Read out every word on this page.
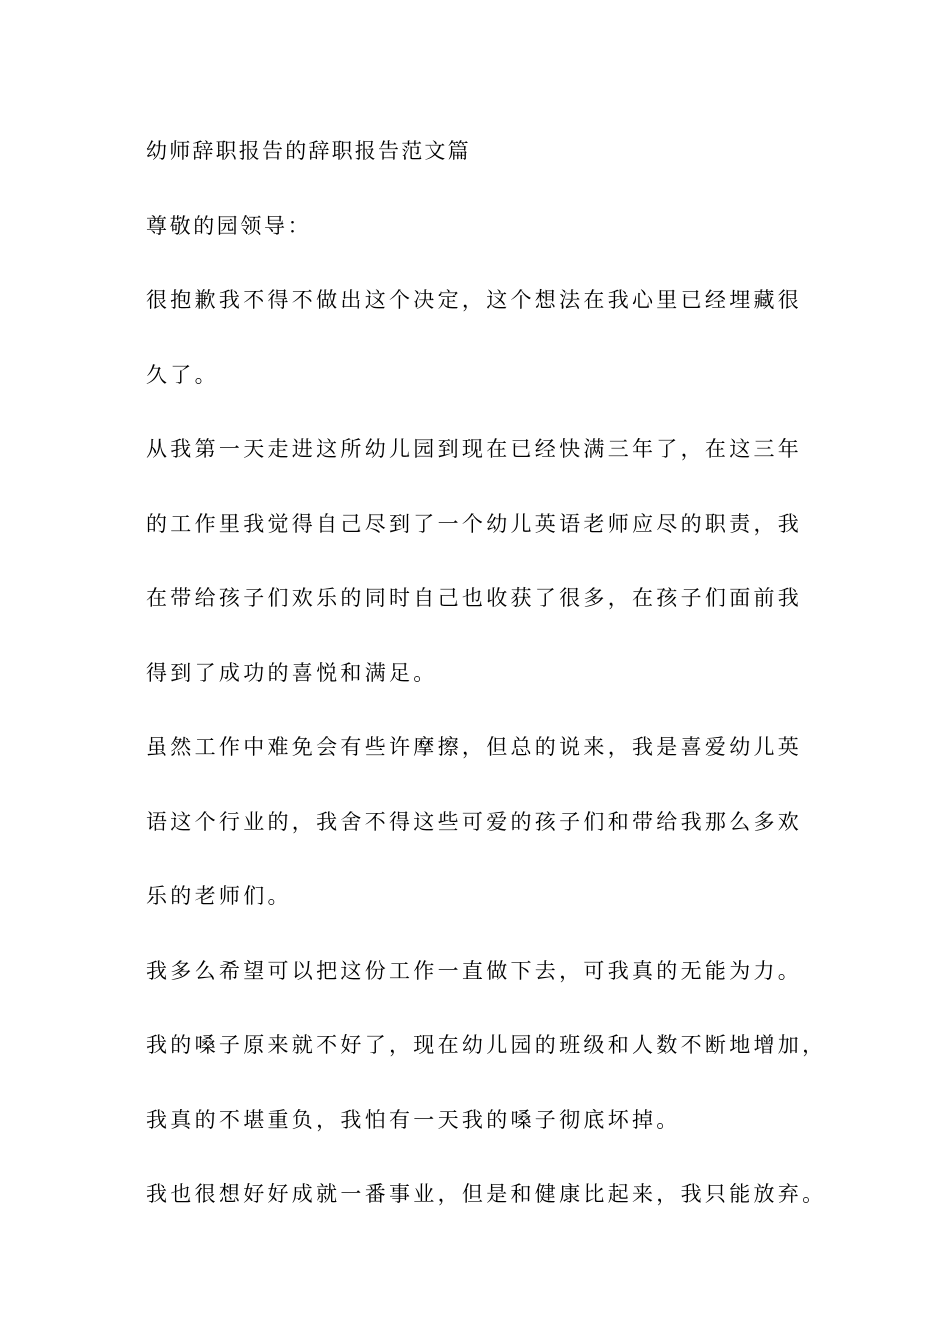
幼师辞职报告的辞职报告范文篇
尊敬的园领导：
很抱歉我不得不做出这个决定，这个想法在我心里已经埋藏很
久了。
从我第一天走进这所幼儿园到现在已经快满三年了，在这三年
的工作里我觉得自己尽到了一个幼儿英语老师应尽的职责，我
在带给孩子们欢乐的同时自己也收获了很多，在孩子们面前我
得到了成功的喜悦和满足。
虽然工作中难免会有些许摩擦，但总的说来，我是喜爱幼儿英
语这个行业的，我舍不得这些可爱的孩子们和带给我那么多欢
乐的老师们。
我多么希望可以把这份工作一直做下去，可我真的无能为力。
我的嗓子原来就不好了，现在幼儿园的班级和人数不断地增加，
我真的不堪重负，我怕有一天我的嗓子彻底坏掉。
我也很想好好成就一番事业，但是和健康比起来，我只能放弃。
